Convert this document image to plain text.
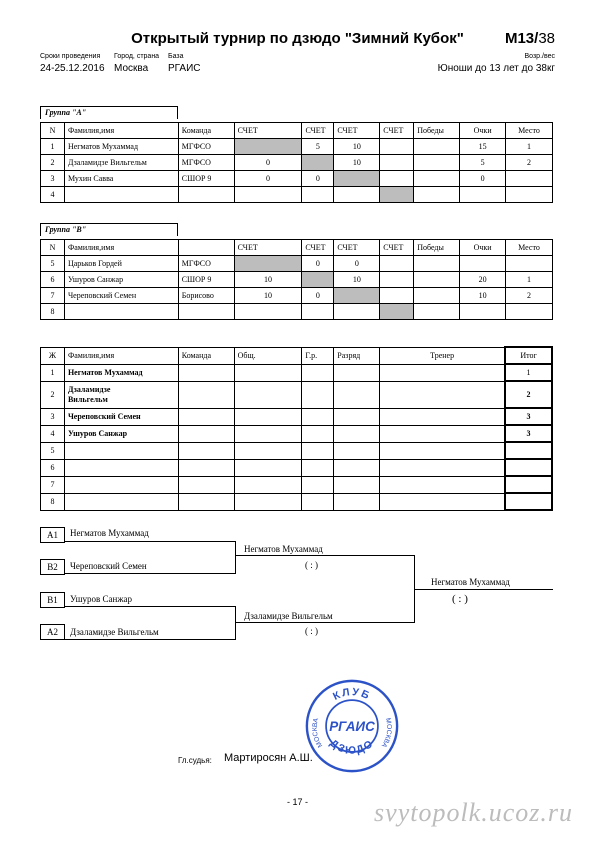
Открытый турнир по дзюдо "Зимний Кубок"	М13/38
Сроки проведения Город, страна База	Возр./вес
24-25.12.2016 Москва РГАИС	Юноши до 13 лет до 38кг
Группа "А"
N	Фамилия,имя	Команда	СЧЕТ	СЧЕТ	СЧЕТ	СЧЕТ	Победы	Очки	Место
1	Негматов Мухаммад	МГФСО		5	10			15	1
2	Дзаламидзе Вильгельм	МГФСО	0		10			5	2
3	Мухин Савва	СШОР 9	0	0				0	
4									
Группа "В"
N	Фамилия,имя		СЧЕТ	СЧЕТ	СЧЕТ	СЧЕТ	Победы	Очки	Место
5	Царьков Гордей	МГФСО		0	0				
6	Ушуров Санжар	СШОР 9	10		10			20	1
7	Череповский Семен	Борисово	10	0				10	2
8									
Ж	Фамилия,имя	Команда	Общ.	Г.р.	Разряд	Тренер	Итог
1	Негматов Мухаммад						1
2	Дзаламидзе Вильгельм						2
3	Череповский Семен						3
4	Ушуров Санжар						3
5							
6							
7							
8							
А1	Негматов Мухаммад
В2	Череповский Семен
Негматов Мухаммад
( : )
В1	Ушуров Санжар
А2	Дзаламидзе Вильгельм
Дзаламидзе Вильгельм
( : )
Негматов Мухаммад
( : )
КЛУБ
ДЗЮДО
МОСКВА	МОСКВА
РГАИС
Гл.судья: Мартиросян А.Ш.
- 17 -	svytopolk.ucoz.ru
